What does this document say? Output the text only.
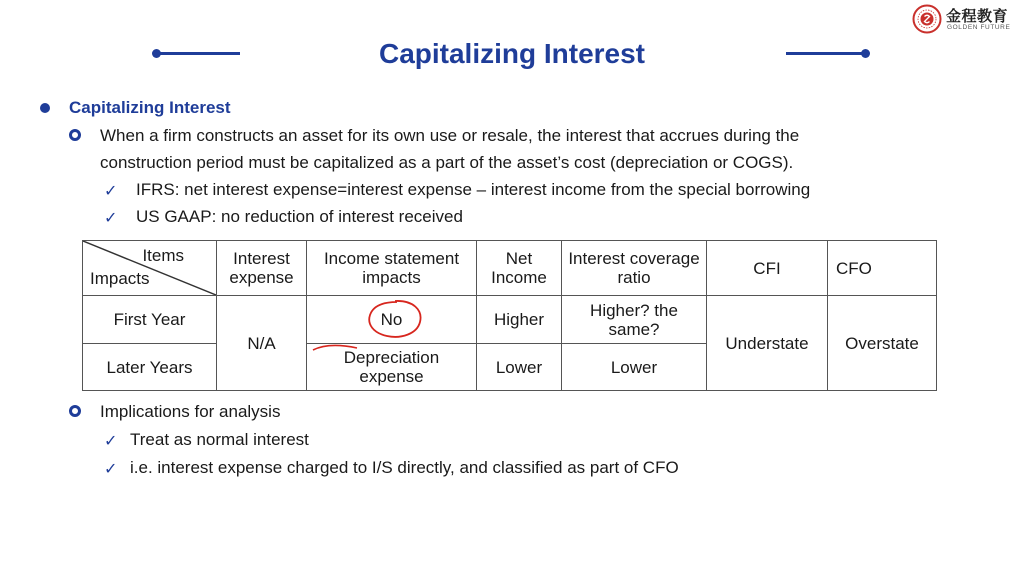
金程教育
GOLDEN FUTURE
Capitalizing Interest
Capitalizing Interest
When a firm constructs an asset for its own use or resale, the interest that accrues during the
construction period must be capitalized as a part of the asset’s cost (depreciation or COGS).
✓ IFRS: net interest expense=interest expense – interest income from the special borrowing
✓ US GAAP: no reduction of interest received
Items
Impacts	Interest expense	Income statement impacts	Net Income	Interest coverage ratio	CFI	CFO
First Year	N/A	No	Higher	Higher? the same?	Understate	Overstate
Later Years		Depreciation expense	Lower	Lower		
Implications for analysis
✓ Treat as normal interest
✓ i.e. interest expense charged to I/S directly, and classified as part of CFO
